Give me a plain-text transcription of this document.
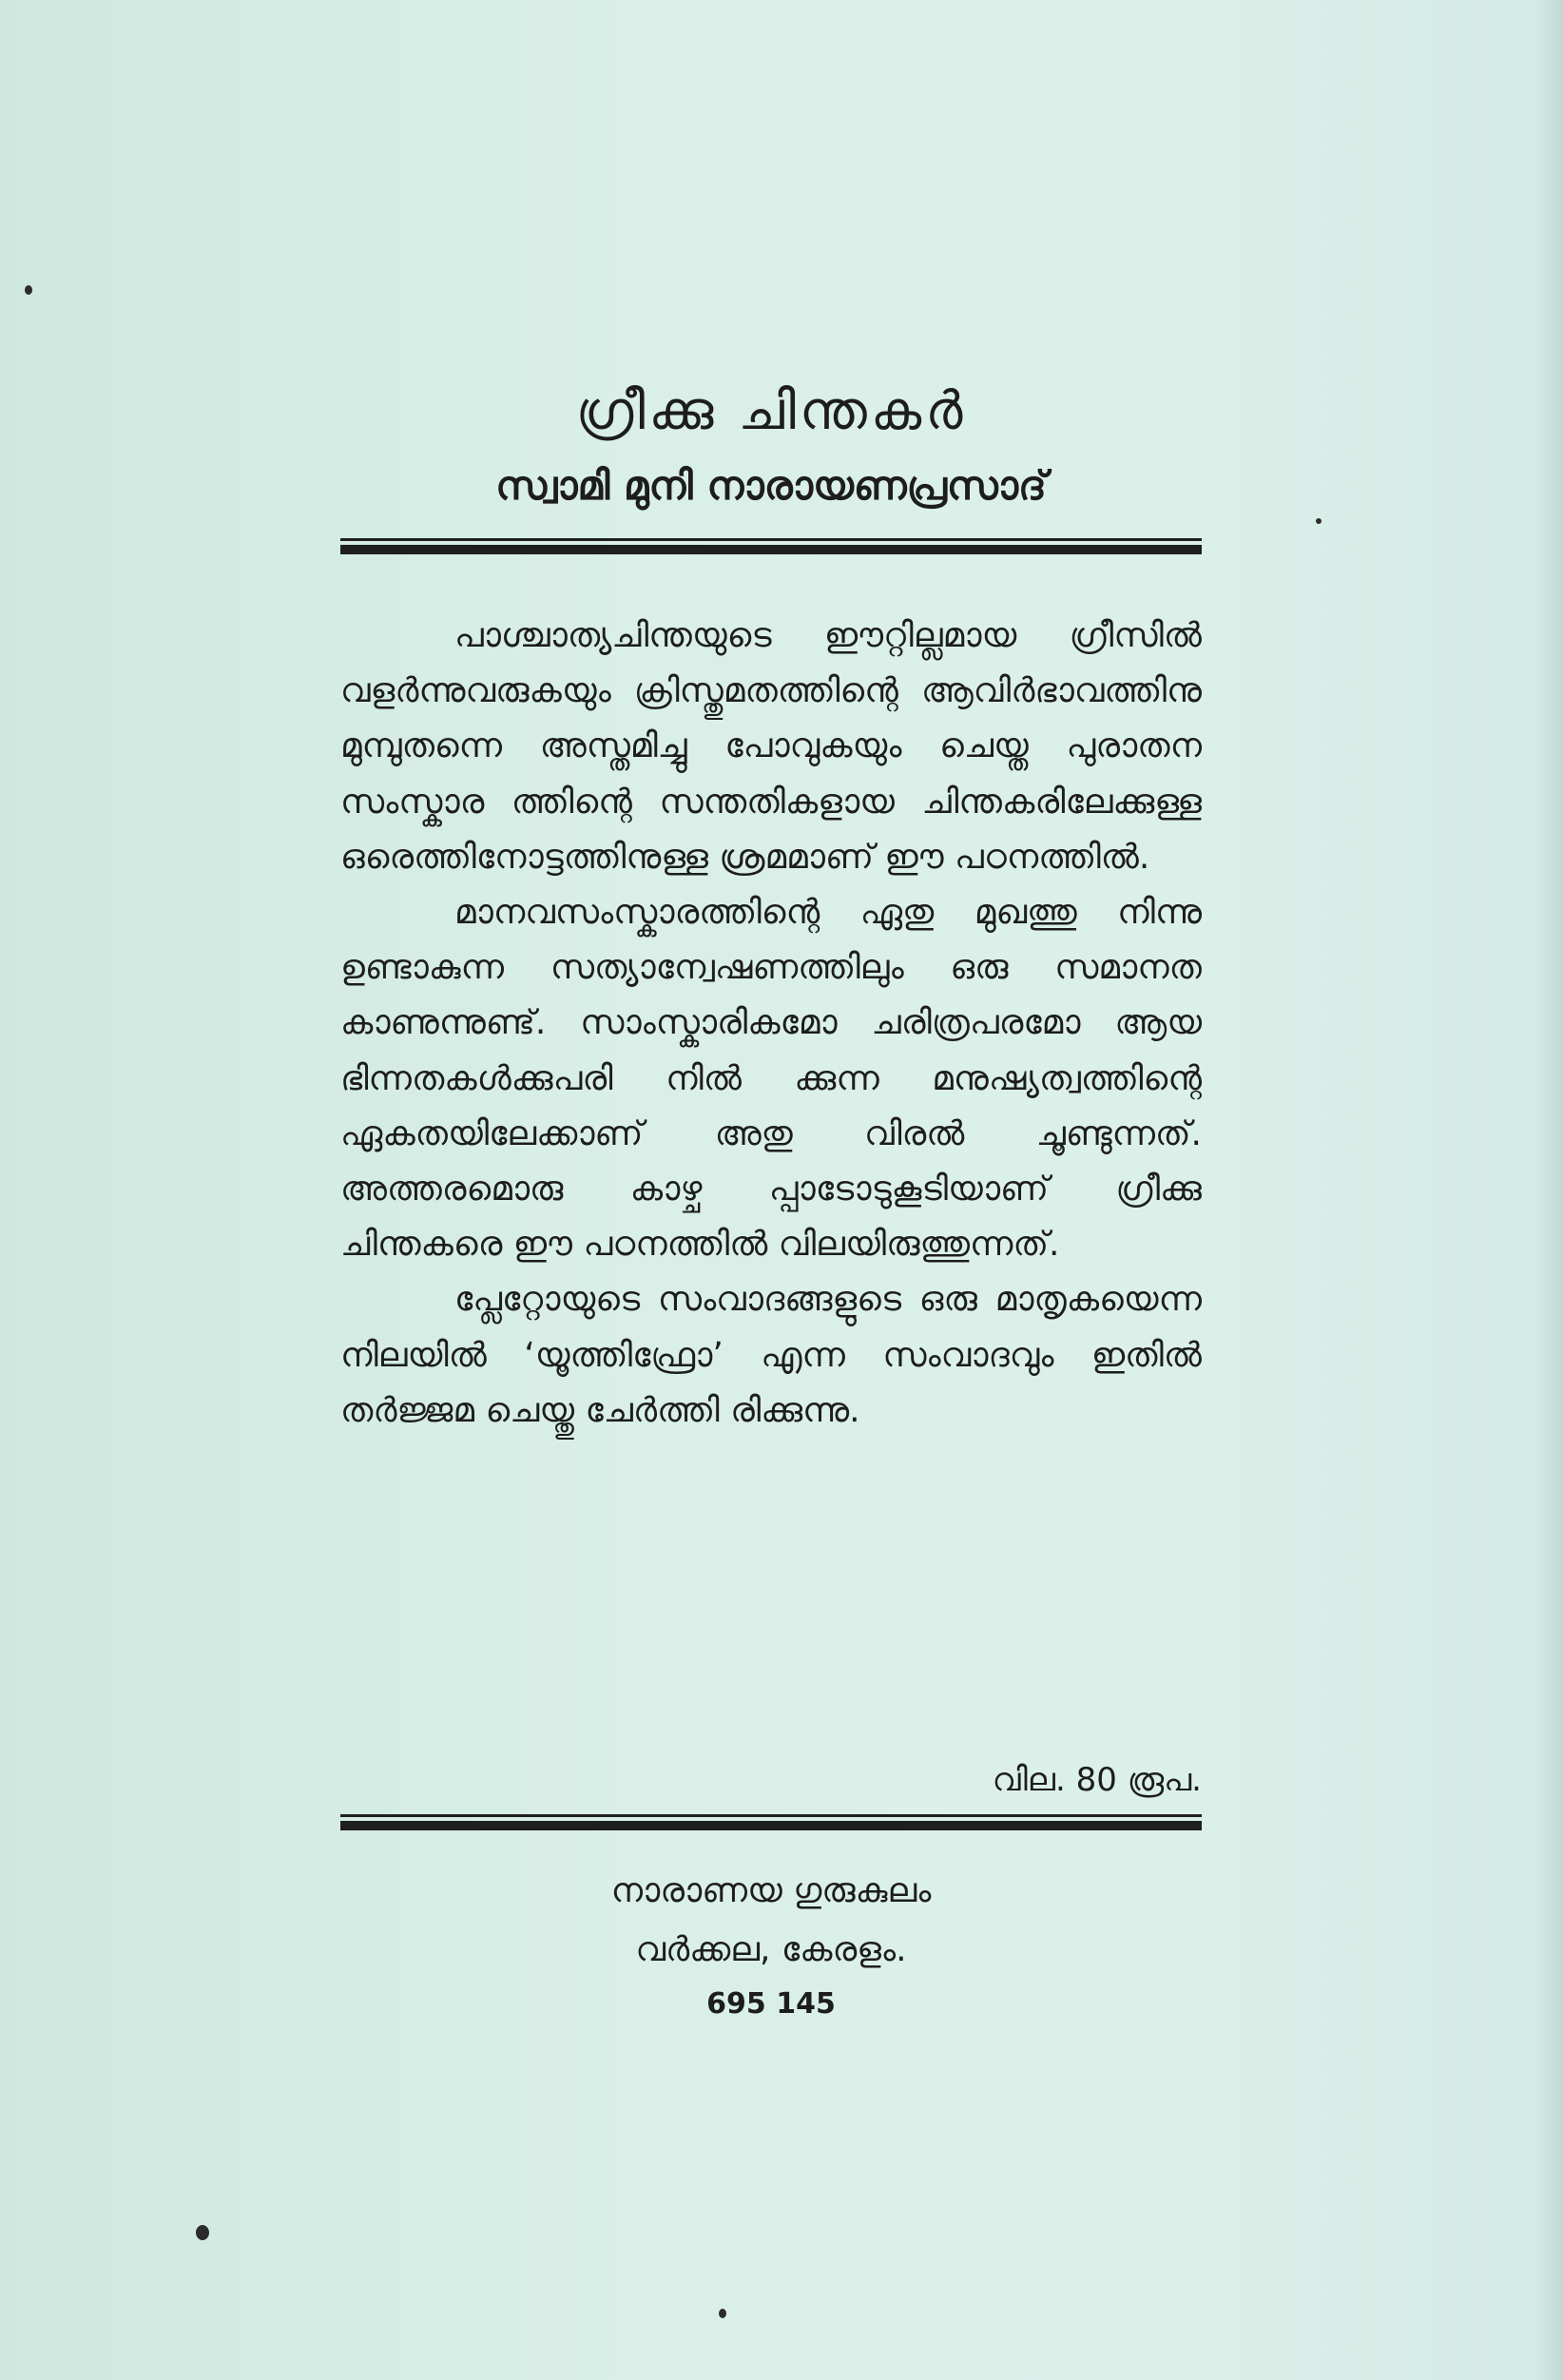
ഗ്രീക്കു ചിന്തകർ
സ്വാമി മുനി നാരായണപ്രസാദ്

പാശ്ചാത്യചിന്തയുടെ ഈറ്റില്ലമായ ഗ്രീസിൽ വളർന്നുവരുകയും ക്രിസ്തുമതത്തിന്റെ ആവിർഭാവത്തിനു മുമ്പുതന്നെ അസ്തമിച്ചു പോവുകയും ചെയ്ത പുരാതന സംസ്കാര ത്തിന്റെ സന്തതികളായ ചിന്തകരിലേക്കുള്ള ഒരെത്തിനോട്ടത്തിനുള്ള ശ്രമമാണ് ഈ പഠനത്തിൽ.

മാനവസംസ്കാരത്തിന്റെ ഏതു മുഖത്തു നിന്നു ഉണ്ടാകുന്ന സത്യാന്വേഷണത്തിലും ഒരു സമാനത കാണുന്നുണ്ട്. സാംസ്കാരികമോ ചരിത്രപരമോ ആയ ഭിന്നതകൾക്കുപരി നിൽ ക്കുന്ന മനുഷ്യത്വത്തിന്റെ ഏകതയിലേക്കാണ് അതു വിരൽ ചൂണ്ടുന്നത്. അത്തരമൊരു കാഴ്ച പ്പാടോടുകൂടിയാണ് ഗ്രീക്കു ചിന്തകരെ ഈ പഠനത്തിൽ വിലയിരുത്തുന്നത്.

പ്ലേറ്റോയുടെ സംവാദങ്ങളുടെ ഒരു മാതൃകയെന്ന നിലയിൽ ‘യൂത്തിഫ്രോ’ എന്ന സംവാദവും ഇതിൽ തർജ്ജമ ചെയ്തു ചേർത്തി രിക്കുന്നു.

വില. 80 രൂപ.
നാരാണയ ഗുരുകുലം
വർക്കല, കേരളം.
695 145
